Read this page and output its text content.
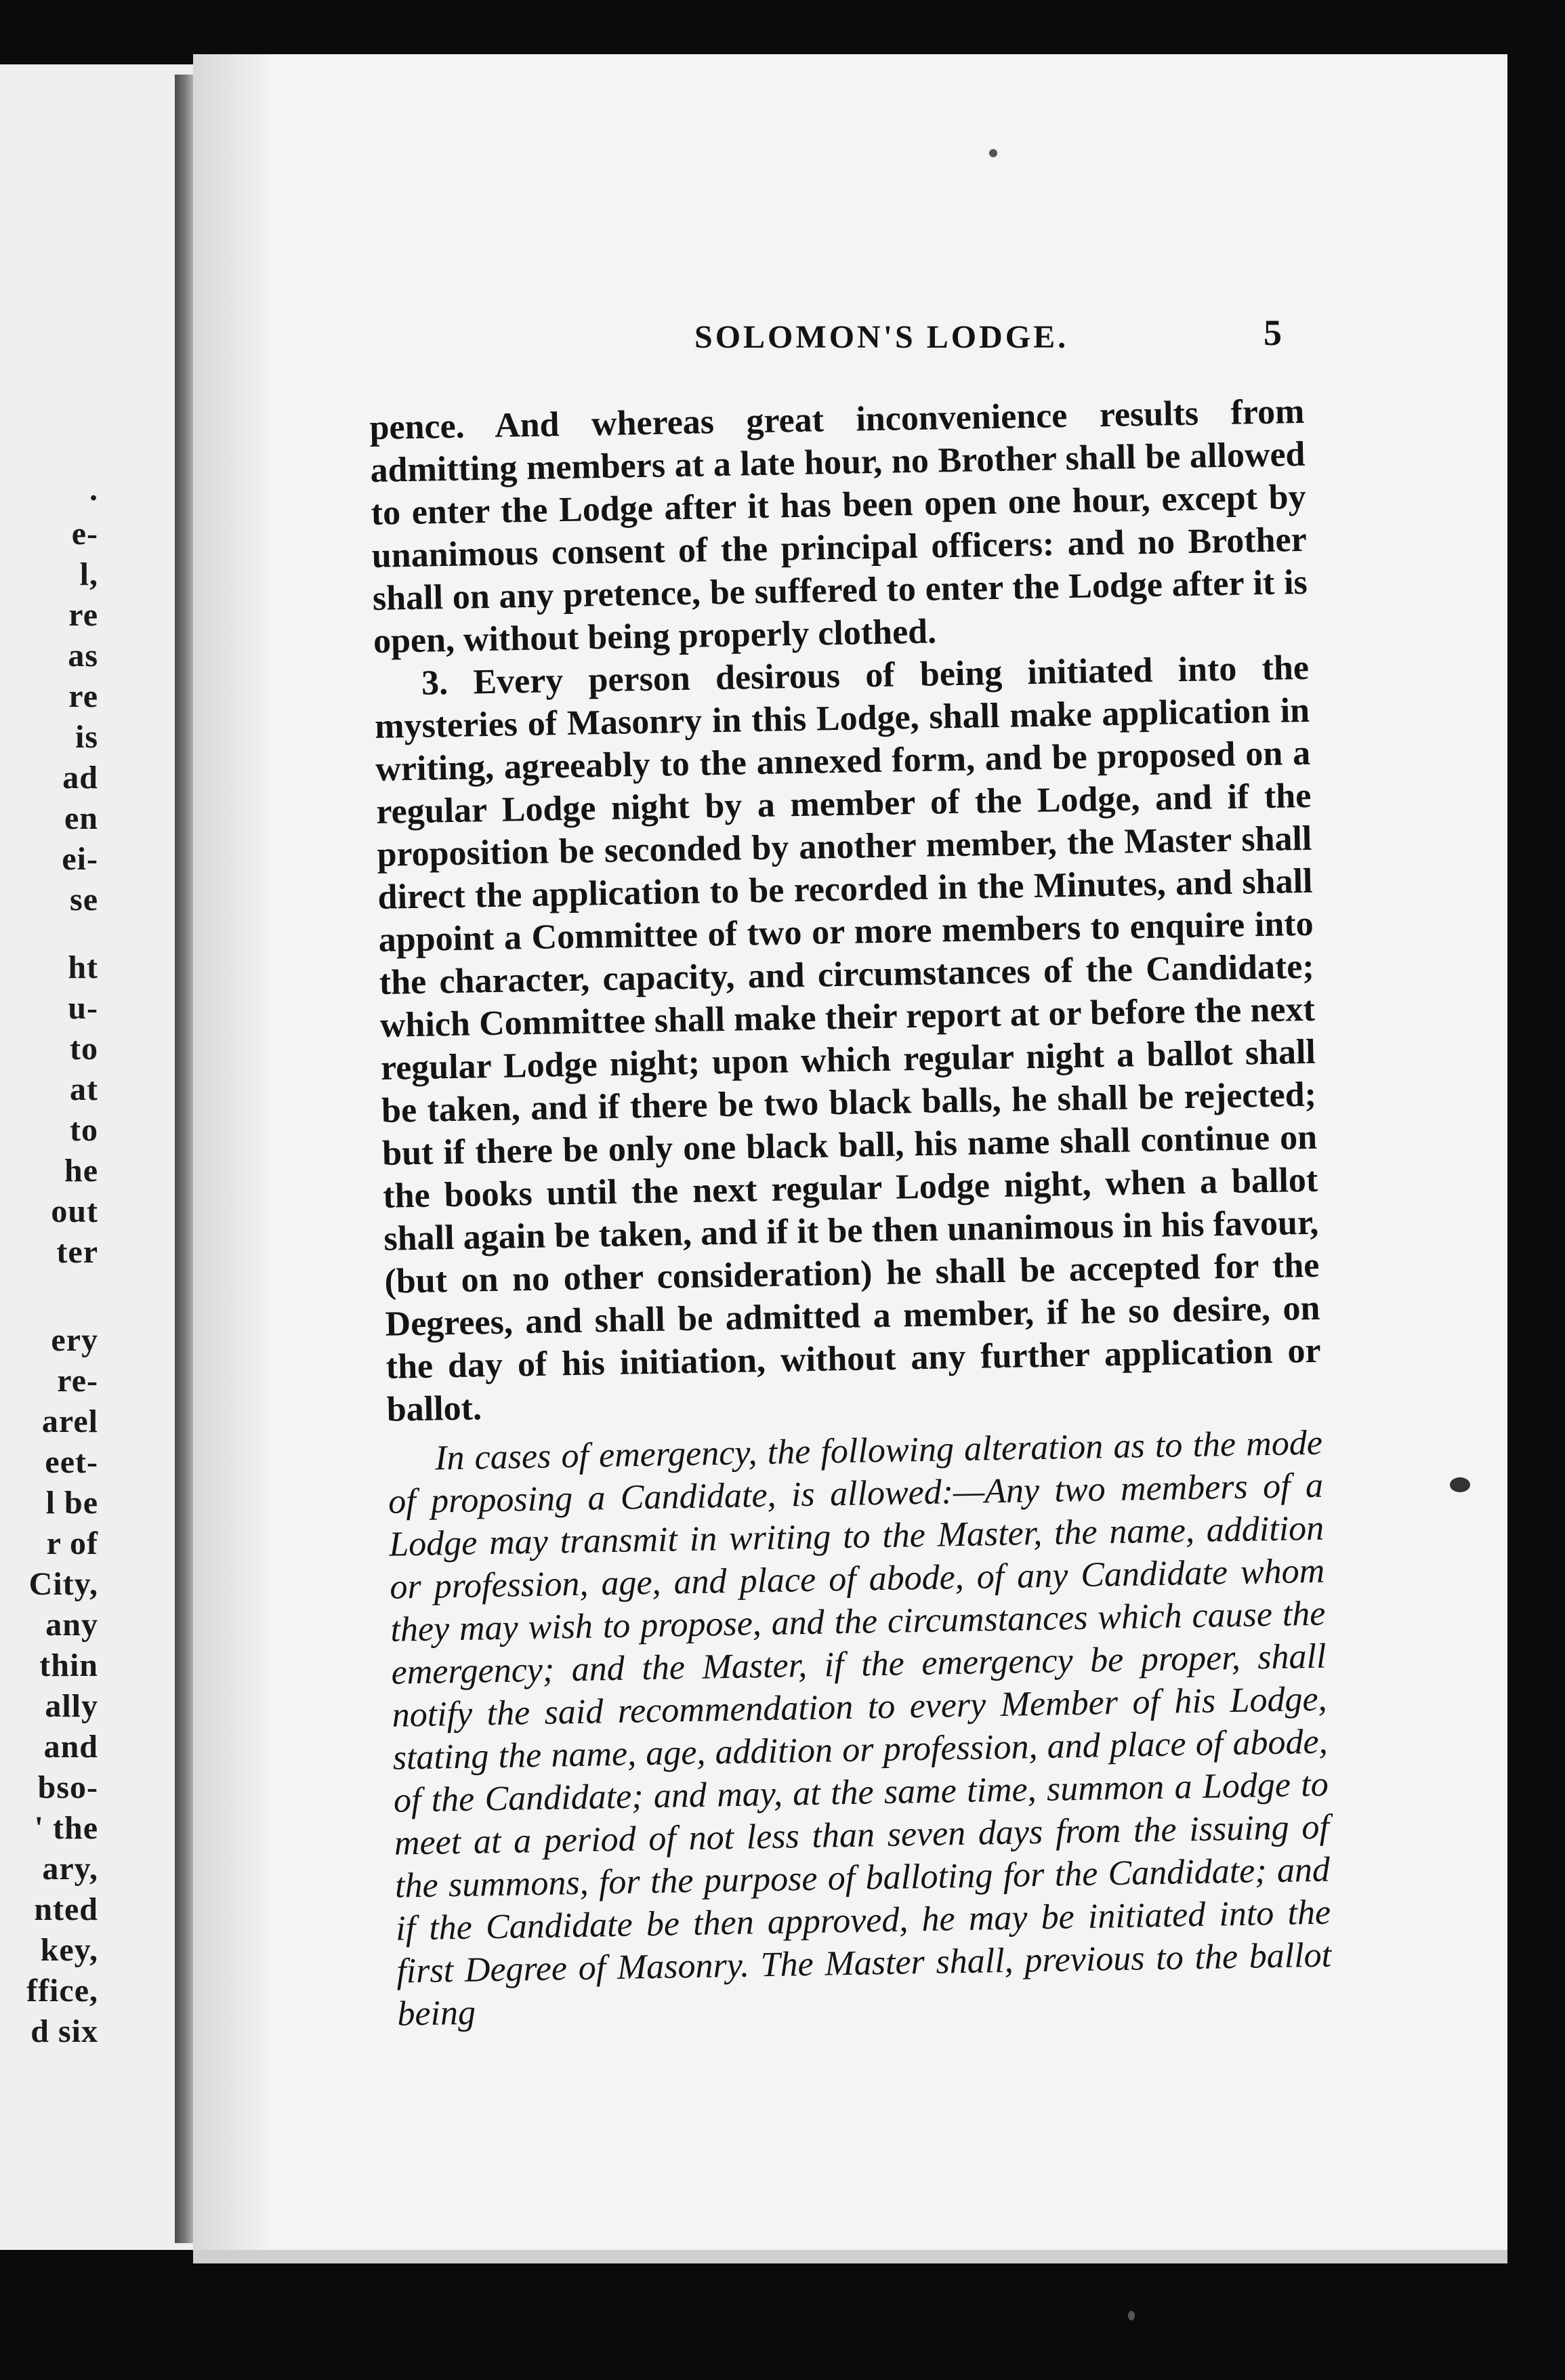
.
e-
l,
re
as
re
is
ad
en
ei-
se
ht
u-
to
at
to
he
out
ter
ery
re-
arel
eet-
l be
r of
City,
any
thin
ally
and
bso-
' the
ary,
nted
key,
ffice,
d six
SOLOMON'S LODGE.	5

pence. And whereas great inconvenience results from admitting members at a late hour, no Brother shall be allowed to enter the Lodge after it has been open one hour, except by unanimous consent of the principal officers: and no Brother shall on any pretence, be suffered to enter the Lodge after it is open, without being properly clothed.

3. Every person desirous of being initiated into the mysteries of Masonry in this Lodge, shall make application in writing, agreeably to the annexed form, and be proposed on a regular Lodge night by a member of the Lodge, and if the proposition be seconded by another member, the Master shall direct the application to be recorded in the Minutes, and shall appoint a Committee of two or more members to enquire into the character, capacity, and circumstances of the Candidate; which Committee shall make their report at or before the next regular Lodge night; upon which regular night a ballot shall be taken, and if there be two black balls, he shall be rejected; but if there be only one black ball, his name shall continue on the books until the next regular Lodge night, when a ballot shall again be taken, and if it be then unanimous in his favour, (but on no other consideration) he shall be accepted for the Degrees, and shall be admitted a member, if he so desire, on the day of his initiation, without any further application or ballot.

In cases of emergency, the following alteration as to the mode of proposing a Candidate, is allowed:—Any two members of a Lodge may transmit in writing to the Master, the name, addition or profession, age, and place of abode, of any Candidate whom they may wish to propose, and the circumstances which cause the emergency; and the Master, if the emergency be proper, shall notify the said recommendation to every Member of his Lodge, stating the name, age, addition or profession, and place of abode, of the Candidate; and may, at the same time, summon a Lodge to meet at a period of not less than seven days from the issuing of the summons, for the purpose of balloting for the Candidate; and if the Candidate be then approved, he may be initiated into the first Degree of Masonry. The Master shall, previous to the ballot being
